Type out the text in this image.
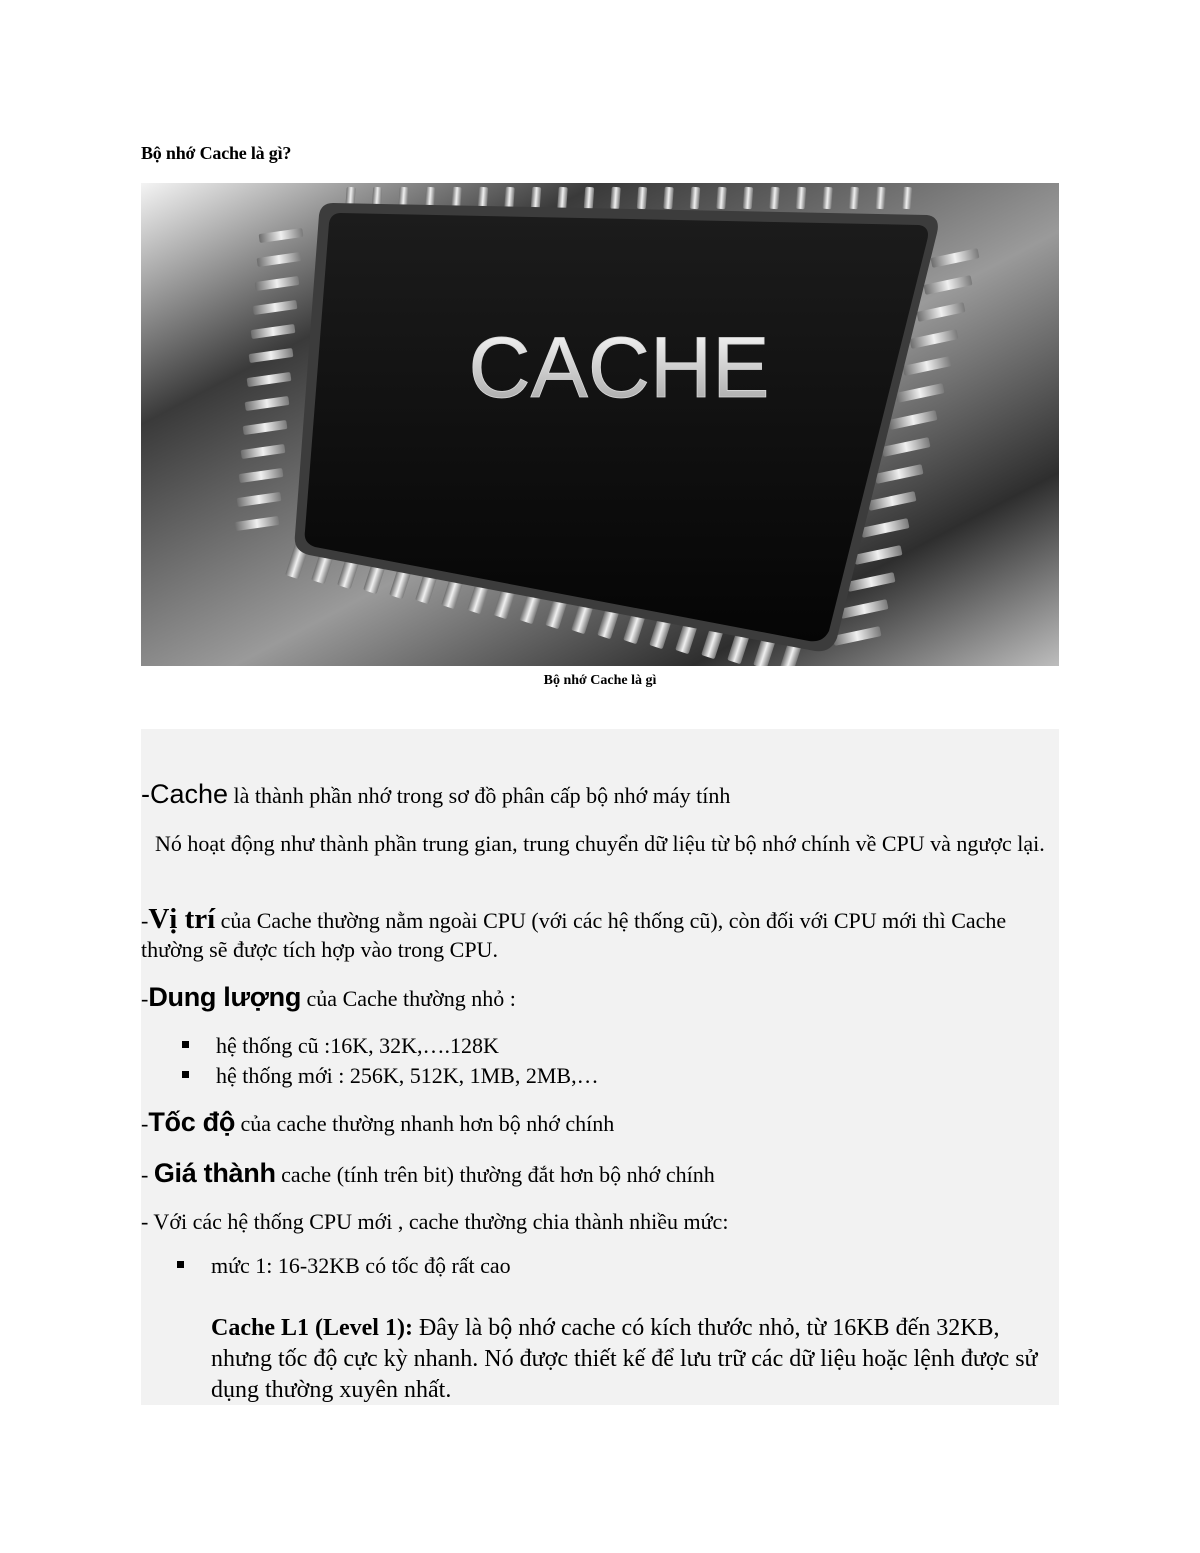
Bộ nhớ Cache là gì?
CACHE
Bộ nhớ Cache là gì
-Cache là thành phần nhớ trong sơ đồ phân cấp bộ nhớ máy tính
Nó hoạt động như thành phần trung gian, trung chuyển dữ liệu từ bộ nhớ chính về CPU và ngược lại.
-Vị trí của Cache thường nằm ngoài CPU (với các hệ thống cũ), còn đối với CPU mới thì Cache thường sẽ được tích hợp vào trong CPU.
-Dung lượng của Cache thường nhỏ :
hệ thống cũ :16K, 32K,….128K
hệ thống mới : 256K, 512K, 1MB, 2MB,…
-Tốc độ của cache thường nhanh hơn bộ nhớ chính
- Giá thành cache (tính trên bit) thường đắt hơn bộ nhớ chính
- Với các hệ thống CPU mới , cache thường chia thành nhiều mức:
mức 1: 16-32KB có tốc độ rất cao
Cache L1 (Level 1): Đây là bộ nhớ cache có kích thước nhỏ, từ 16KB đến 32KB, nhưng tốc độ cực kỳ nhanh. Nó được thiết kế để lưu trữ các dữ liệu hoặc lệnh được sử dụng thường xuyên nhất.
